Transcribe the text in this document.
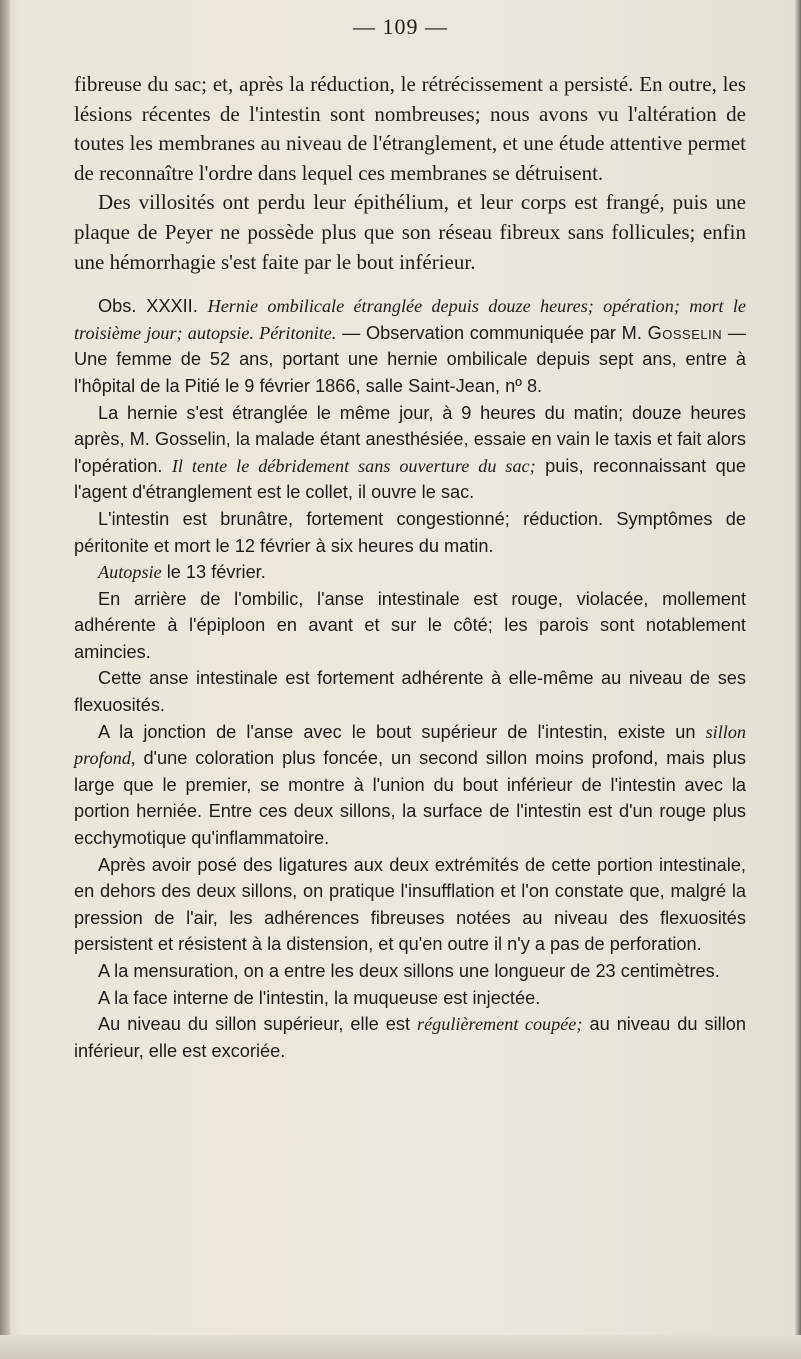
— 109 —

fibreuse du sac; et, après la réduction, le rétrécissement a persisté. En outre, les lésions récentes de l'intestin sont nombreuses; nous avons vu l'altération de toutes les membranes au niveau de l'étranglement, et une étude attentive permet de reconnaître l'ordre dans lequel ces membranes se détruisent.

Des villosités ont perdu leur épithélium, et leur corps est frangé, puis une plaque de Peyer ne possède plus que son réseau fibreux sans follicules; enfin une hémorrhagie s'est faite par le bout inférieur.

Obs. XXXII. Hernie ombilicale étranglée depuis douze heures; opération; mort le troisième jour; autopsie. Péritonite. — Observation communiquée par M. Gosselin — Une femme de 52 ans, portant une hernie ombilicale depuis sept ans, entre à l'hôpital de la Pitié le 9 février 1866, salle Saint-Jean, nº 8.

La hernie s'est étranglée le même jour, à 9 heures du matin; douze heures après, M. Gosselin, la malade étant anesthésiée, essaie en vain le taxis et fait alors l'opération. Il tente le débridement sans ouverture du sac; puis, reconnaissant que l'agent d'étranglement est le collet, il ouvre le sac.

L'intestin est brunâtre, fortement congestionné; réduction. Symptômes de péritonite et mort le 12 février à six heures du matin.

Autopsie le 13 février.

En arrière de l'ombilic, l'anse intestinale est rouge, violacée, mollement adhérente à l'épiploon en avant et sur le côté; les parois sont notablement amincies.

Cette anse intestinale est fortement adhérente à elle-même au niveau de ses flexuosités.

A la jonction de l'anse avec le bout supérieur de l'intestin, existe un sillon profond, d'une coloration plus foncée, un second sillon moins profond, mais plus large que le premier, se montre à l'union du bout inférieur de l'intestin avec la portion herniée. Entre ces deux sillons, la surface de l'intestin est d'un rouge plus ecchymotique qu'inflammatoire.

Après avoir posé des ligatures aux deux extrémités de cette portion intestinale, en dehors des deux sillons, on pratique l'insufflation et l'on constate que, malgré la pression de l'air, les adhérences fibreuses notées au niveau des flexuosités persistent et résistent à la distension, et qu'en outre il n'y a pas de perforation.

A la mensuration, on a entre les deux sillons une longueur de 23 centimètres.

A la face interne de l'intestin, la muqueuse est injectée.

Au niveau du sillon supérieur, elle est régulièrement coupée; au niveau du sillon inférieur, elle est excoriée.
